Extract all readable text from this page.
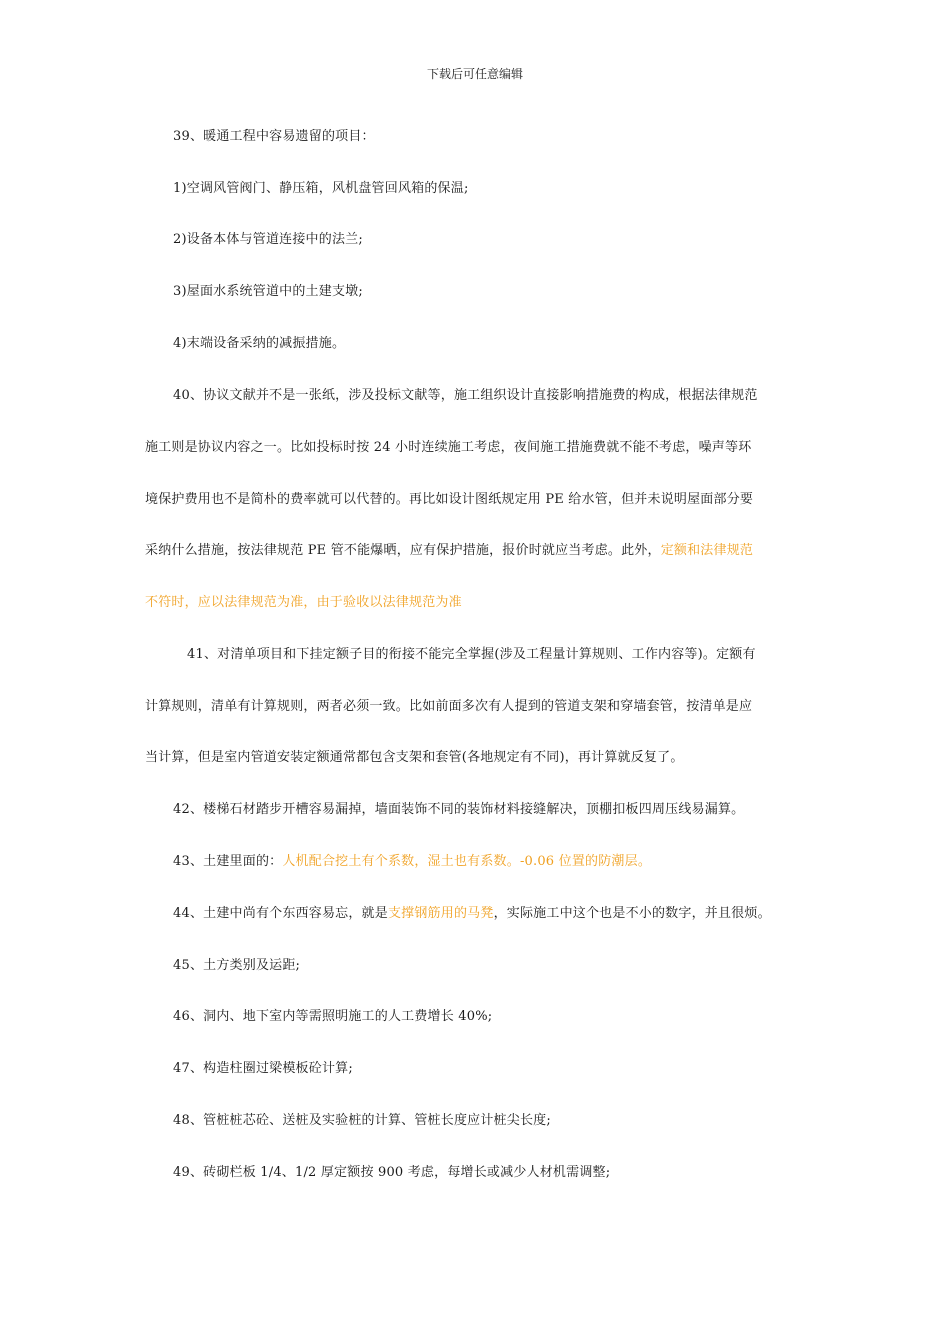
下载后可任意编辑
39、暖通工程中容易遗留的项目：
1)空调风管阀门、静压箱，风机盘管回风箱的保温;
2)设备本体与管道连接中的法兰;
3)屋面水系统管道中的土建支墩;
4)末端设备采纳的减振措施。
40、协议文献并不是一张纸，涉及投标文献等，施工组织设计直接影响措施费的构成，根据法律规范
施工则是协议内容之一。比如投标时按 24 小时连续施工考虑，夜间施工措施费就不能不考虑，噪声等环
境保护费用也不是简朴的费率就可以代替的。再比如设计图纸规定用 PE 给水管，但并未说明屋面部分要
采纳什么措施，按法律规范 PE 管不能爆晒，应有保护措施，报价时就应当考虑。此外，定额和法律规范
不符时，应以法律规范为准，由于验收以法律规范为准
41、对清单项目和下挂定额子目的衔接不能完全掌握(涉及工程量计算规则、工作内容等)。定额有
计算规则，清单有计算规则，两者必须一致。比如前面多次有人提到的管道支架和穿墙套管，按清单是应
当计算，但是室内管道安装定额通常都包含支架和套管(各地规定有不同)，再计算就反复了。
42、楼梯石材踏步开槽容易漏掉，墙面装饰不同的装饰材料接缝解决，顶棚扣板四周压线易漏算。
43、土建里面的：人机配合挖土有个系数，湿土也有系数。-0.06 位置的防潮层。
44、土建中尚有个东西容易忘，就是支撑钢筋用的马凳，实际施工中这个也是不小的数字，并且很烦。
45、土方类别及运距;
46、洞内、地下室内等需照明施工的人工费增长 40%;
47、构造柱圈过梁模板砼计算;
48、管桩桩芯砼、送桩及实验桩的计算、管桩长度应计桩尖长度;
49、砖砌栏板 1/4、1/2 厚定额按 900 考虑，每增长或减少人材机需调整;
